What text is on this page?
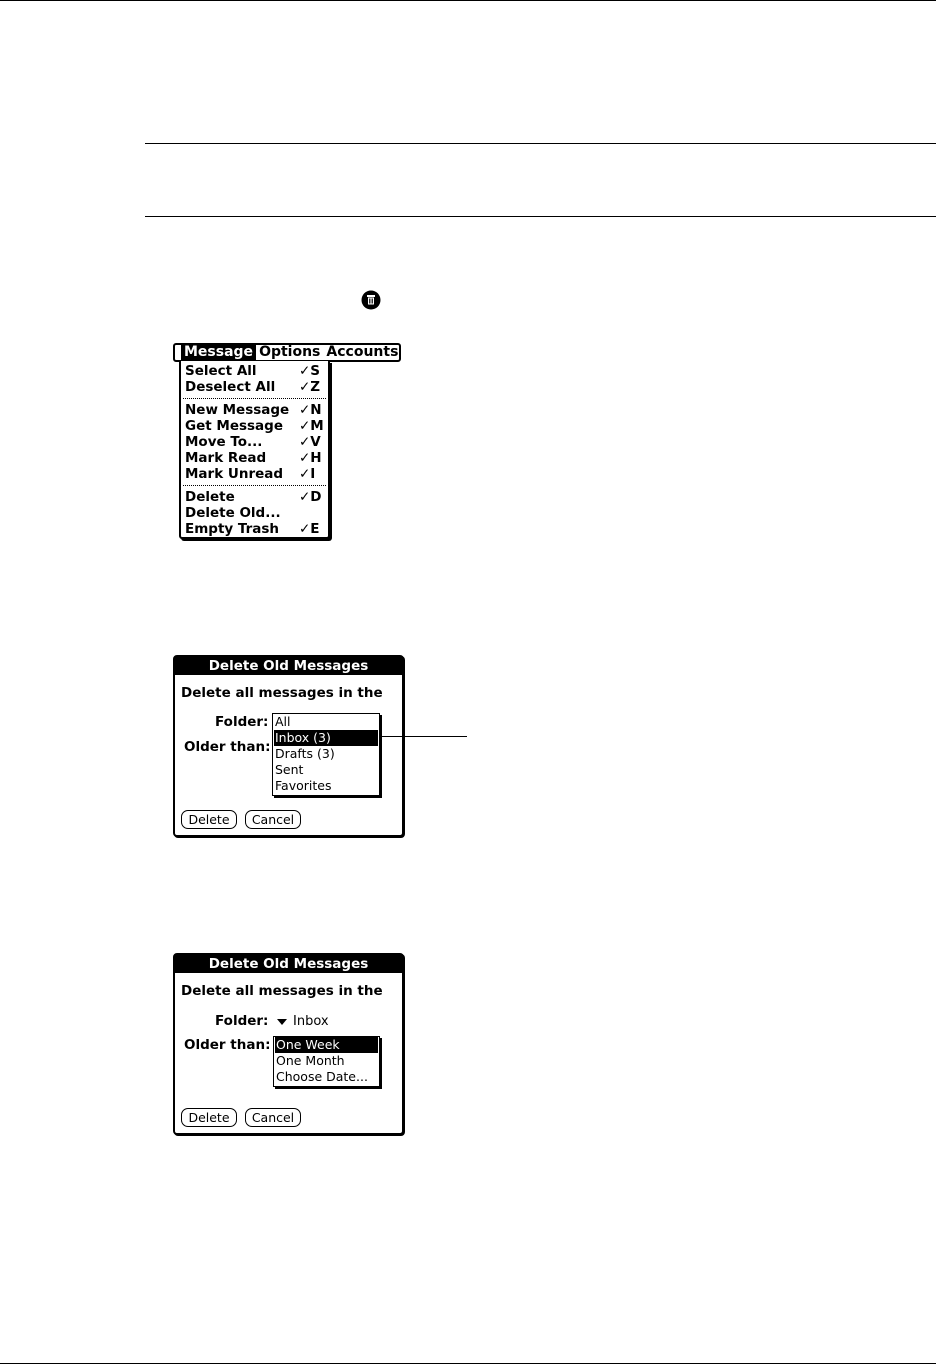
Message Options Accounts
Select All	✓S
Deselect All ✓Z
New Message ✓N
Get Message ✓M
Move To...	✓V
Mark Read ✓H
Mark Unread ✓I
Delete	✓D
Delete Old...
Empty Trash ✓E
Delete Old Messages
Delete all messages in the
Folder:
Older than:
All
Inbox (3)
Drafts (3)
Sent
Favorites
Delete	Cancel
Delete Old Messages
Delete all messages in the
Folder: Inbox
Older than: One Week
One Month
Choose Date...
Delete	Cancel
